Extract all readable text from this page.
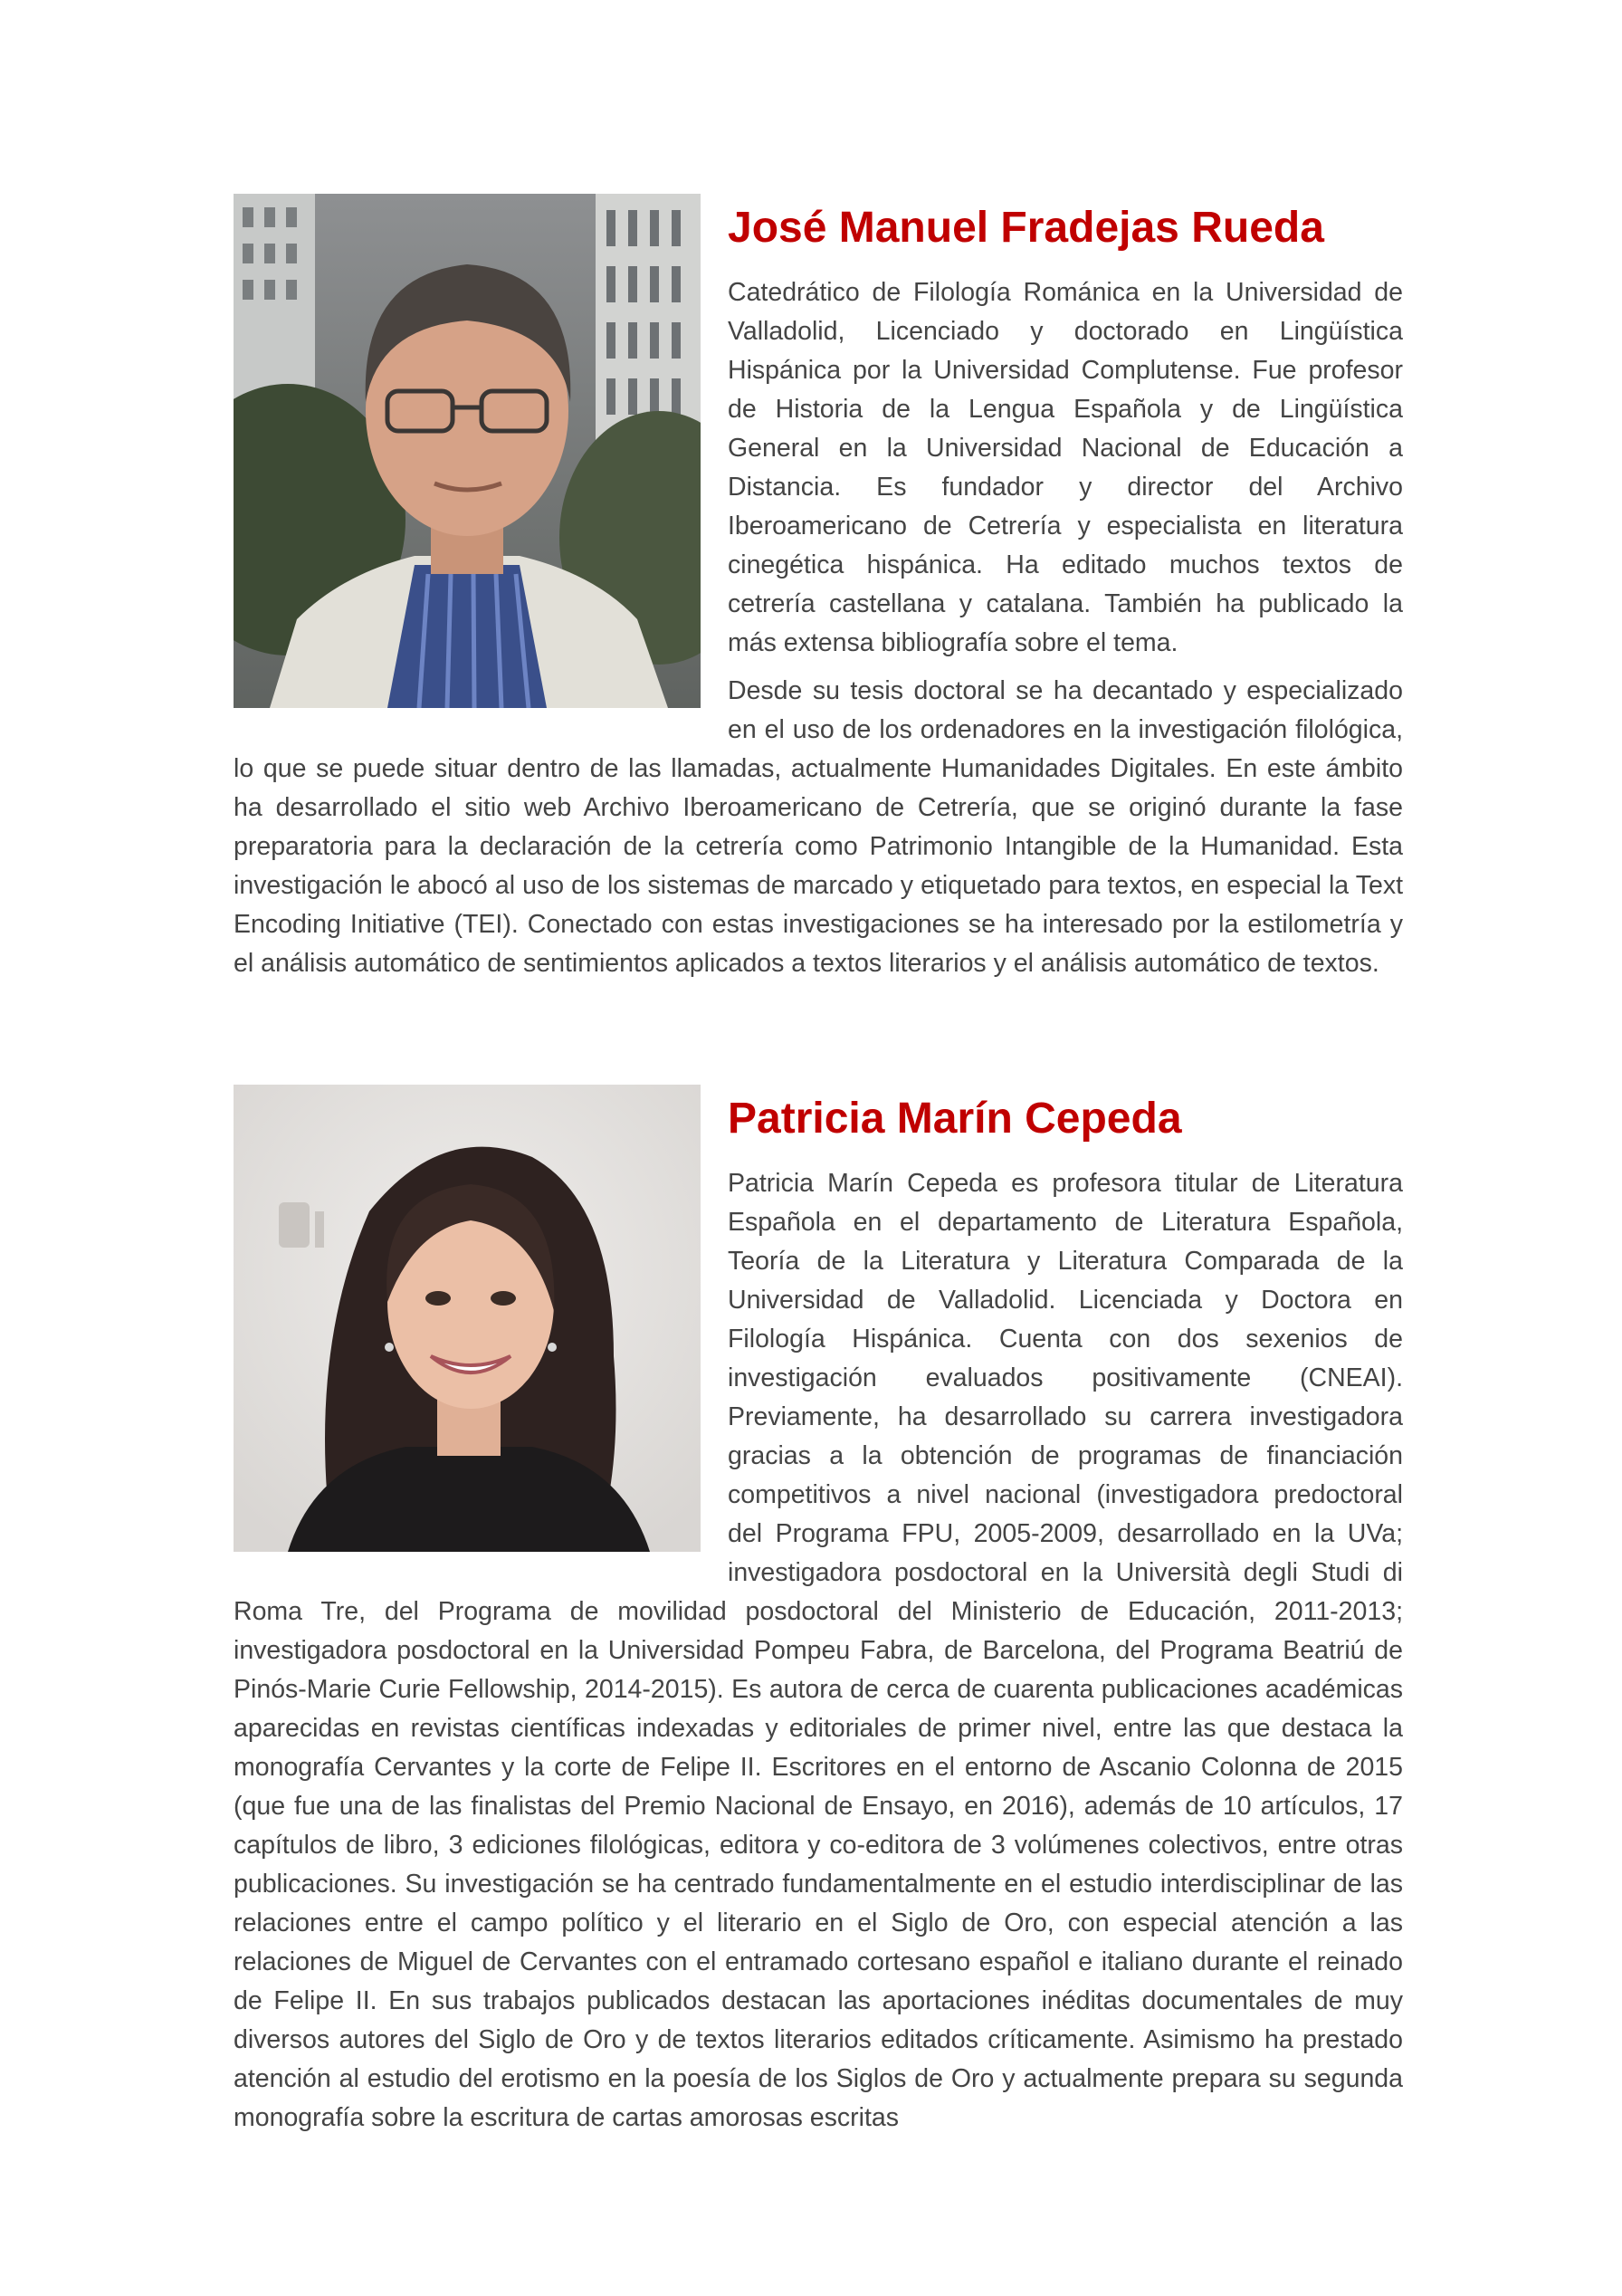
José Manuel Fradejas Rueda

Catedrático de Filología Románica en la Universidad de Valladolid, Licenciado y doctorado en Lingüística Hispánica por la Universidad Complutense. Fue profesor de Historia de la Lengua Española y de Lingüística General en la Universidad Nacional de Educación a Distancia. Es fundador y director del Archivo Iberoamericano de Cetrería y especialista en literatura cinegética hispánica. Ha editado muchos textos de cetrería castellana y catalana. También ha publicado la más extensa bibliografía sobre el tema.

Desde su tesis doctoral se ha decantado y especializado en el uso de los ordenadores en la investigación filológica, lo que se puede situar dentro de las llamadas, actualmente Humanidades Digitales. En este ámbito ha desarrollado el sitio web Archivo Iberoamericano de Cetrería, que se originó durante la fase preparatoria para la declaración de la cetrería como Patrimonio Intangible de la Humanidad. Esta investigación le abocó al uso de los sistemas de marcado y etiquetado para textos, en especial la Text Encoding Initiative (TEI). Conectado con estas investigaciones se ha interesado por la estilometría y el análisis automático de sentimientos aplicados a textos literarios y el análisis automático de textos.

Patricia Marín Cepeda

Patricia Marín Cepeda es profesora titular de Literatura Española en el departamento de Literatura Española, Teoría de la Literatura y Literatura Comparada de la Universidad de Valladolid. Licenciada y Doctora en Filología Hispánica. Cuenta con dos sexenios de investigación evaluados positivamente (CNEAI). Previamente, ha desarrollado su carrera investigadora gracias a la obtención de programas de financiación competitivos a nivel nacional (investigadora predoctoral del Programa FPU, 2005-2009, desarrollado en la UVa; investigadora posdoctoral en la Università degli Studi di Roma Tre, del Programa de movilidad posdoctoral del Ministerio de Educación, 2011-2013; investigadora posdoctoral en la Universidad Pompeu Fabra, de Barcelona, del Programa Beatriú de Pinós-Marie Curie Fellowship, 2014-2015). Es autora de cerca de cuarenta publicaciones académicas aparecidas en revistas científicas indexadas y editoriales de primer nivel, entre las que destaca la monografía Cervantes y la corte de Felipe II. Escritores en el entorno de Ascanio Colonna de 2015 (que fue una de las finalistas del Premio Nacional de Ensayo, en 2016), además de 10 artículos, 17 capítulos de libro, 3 ediciones filológicas, editora y co-editora de 3 volúmenes colectivos, entre otras publicaciones. Su investigación se ha centrado fundamentalmente en el estudio interdisciplinar de las relaciones entre el campo político y el literario en el Siglo de Oro, con especial atención a las relaciones de Miguel de Cervantes con el entramado cortesano español e italiano durante el reinado de Felipe II. En sus trabajos publicados destacan las aportaciones inéditas documentales de muy diversos autores del Siglo de Oro y de textos literarios editados críticamente. Asimismo ha prestado atención al estudio del erotismo en la poesía de los Siglos de Oro y actualmente prepara su segunda monografía sobre la escritura de cartas amorosas escritas
